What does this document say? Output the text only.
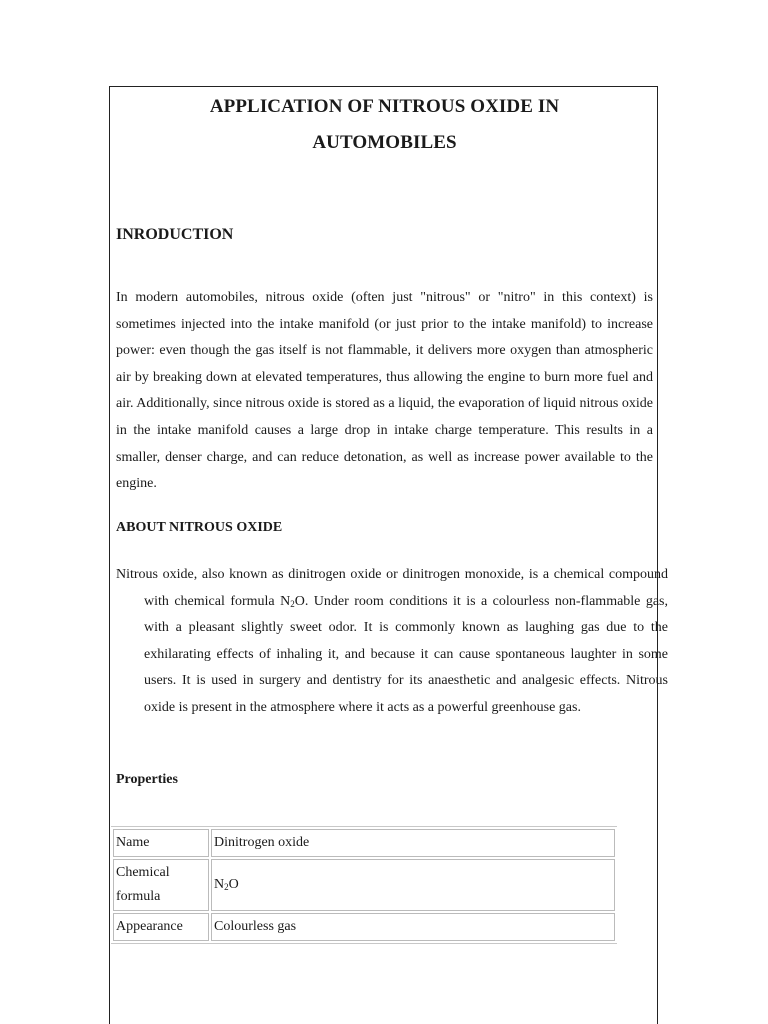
APPLICATION OF NITROUS OXIDE IN
AUTOMOBILES
INRODUCTION

In modern automobiles, nitrous oxide (often just "nitrous" or "nitro" in this context) is sometimes injected into the intake manifold (or just prior to the intake manifold) to increase power: even though the gas itself is not flammable, it delivers more oxygen than atmospheric air by breaking down at elevated temperatures, thus allowing the engine to burn more fuel and air. Additionally, since nitrous oxide is stored as a liquid, the evaporation of liquid nitrous oxide in the intake manifold causes a large drop in intake charge temperature. This results in a smaller, denser charge, and can reduce detonation, as well as increase power available to the engine.

ABOUT NITROUS OXIDE

Nitrous oxide, also known as dinitrogen oxide or dinitrogen monoxide, is a chemical compound with chemical formula $N_2O$. Under room conditions it is a colourless non-flammable gas, with a pleasant slightly sweet odor. It is commonly known as laughing gas due to the exhilarating effects of inhaling it, and because it can cause spontaneous laughter in some users. It is used in surgery and dentistry for its anaesthetic and analgesic effects. Nitrous oxide is present in the atmosphere where it acts as a powerful greenhouse gas.

Properties
Name	Dinitrogen oxide
Chemical
formula	$N_2O$
Appearance	Colourless gas
